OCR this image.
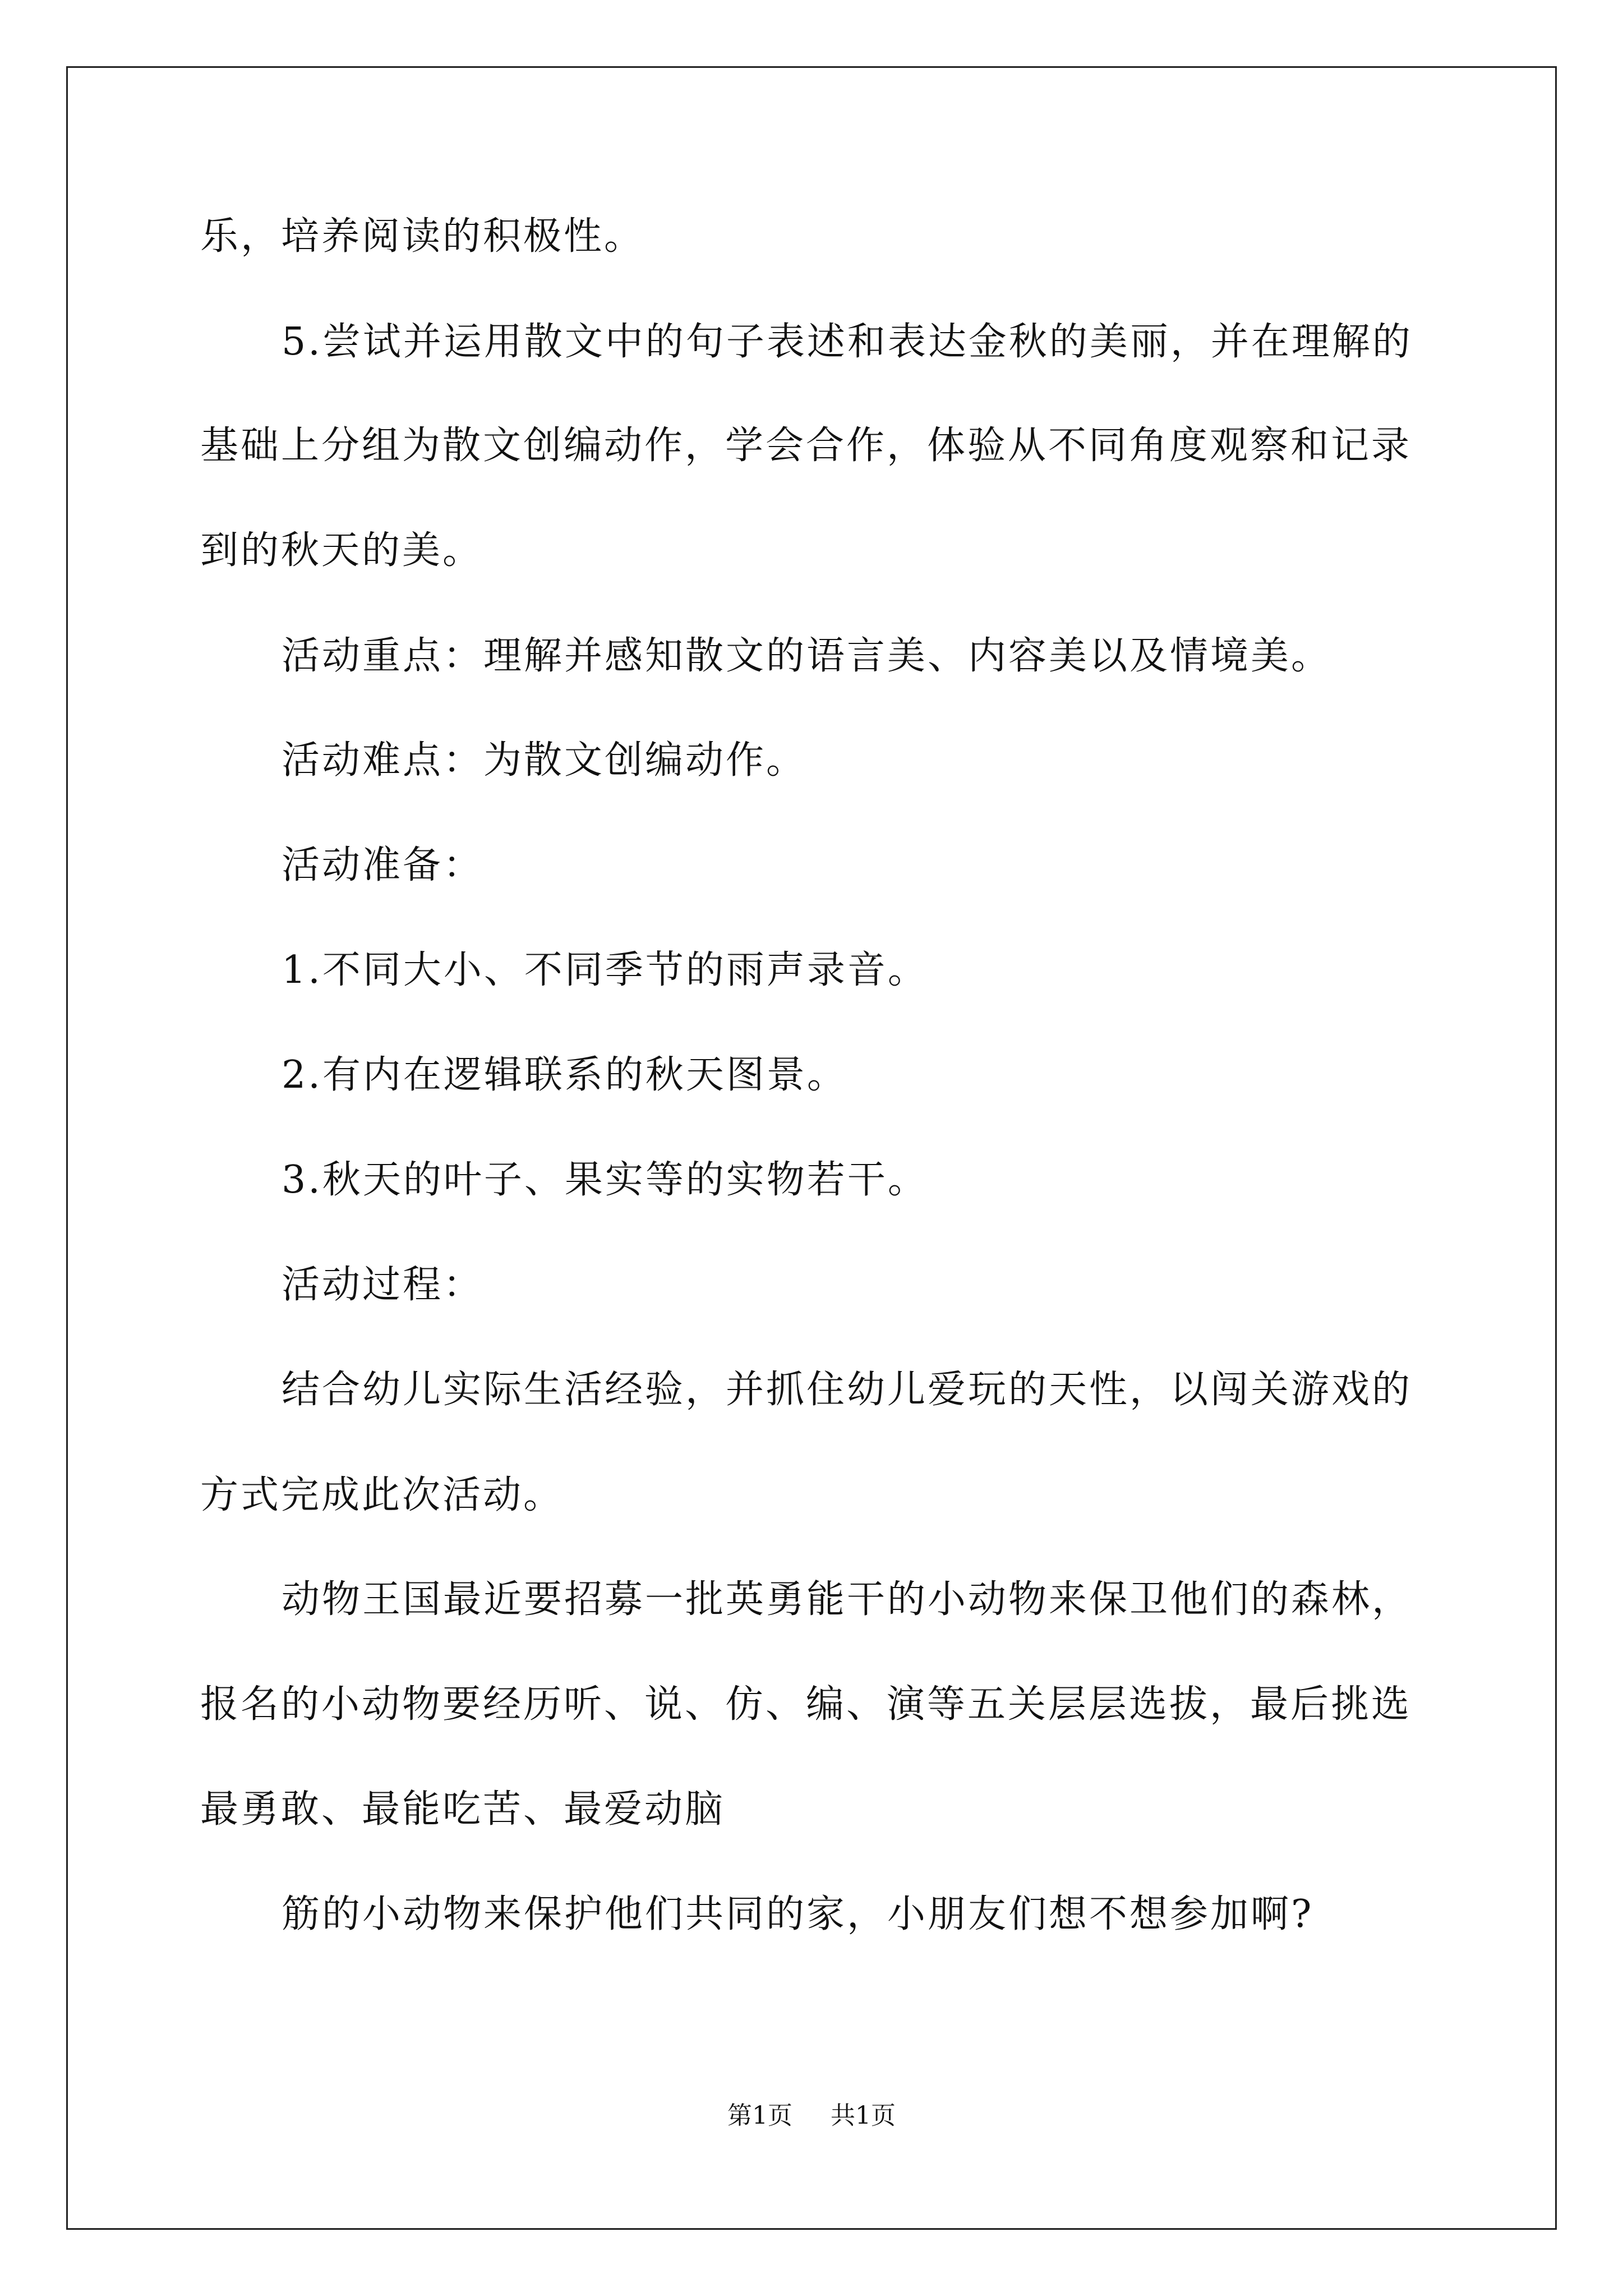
乐，培养阅读的积极性。
5.尝试并运用散文中的句子表述和表达金秋的美丽，并在理解的
基础上分组为散文创编动作，学会合作，体验从不同角度观察和记录
到的秋天的美。
活动重点：理解并感知散文的语言美、内容美以及情境美。
活动难点：为散文创编动作。
活动准备：
1.不同大小、不同季节的雨声录音。
2.有内在逻辑联系的秋天图景。
3.秋天的叶子、果实等的实物若干。
活动过程：
结合幼儿实际生活经验，并抓住幼儿爱玩的天性，以闯关游戏的
方式完成此次活动。
动物王国最近要招募一批英勇能干的小动物来保卫他们的森林，
报名的小动物要经历听、说、仿、编、演等五关层层选拔，最后挑选
最勇敢、最能吃苦、最爱动脑
筋的小动物来保护他们共同的家，小朋友们想不想参加啊?
第1页 共1页
